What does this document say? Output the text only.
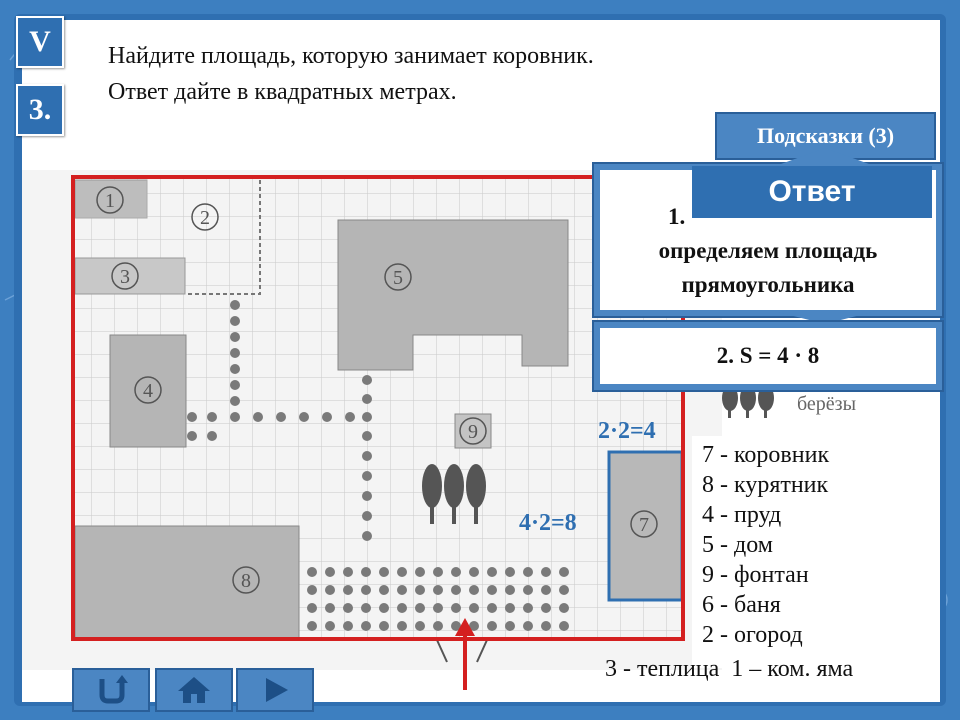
V
3.
Найдите площадь, которую занимает коровник.
Ответ дайте в квадратных метрах.
1
2
3
4
5
7
8
9
берёзы
2·2=4
4·2=8
7 - коровник
8 - курятник
4 - пруд
5 - дом
9 - фонтан
6 - баня
2 - огород
3 - теплица  1 – ком. яма
Подсказки (3)
1.
определяем площадь
прямоугольника
Ответ
2. S = 4 · 8
